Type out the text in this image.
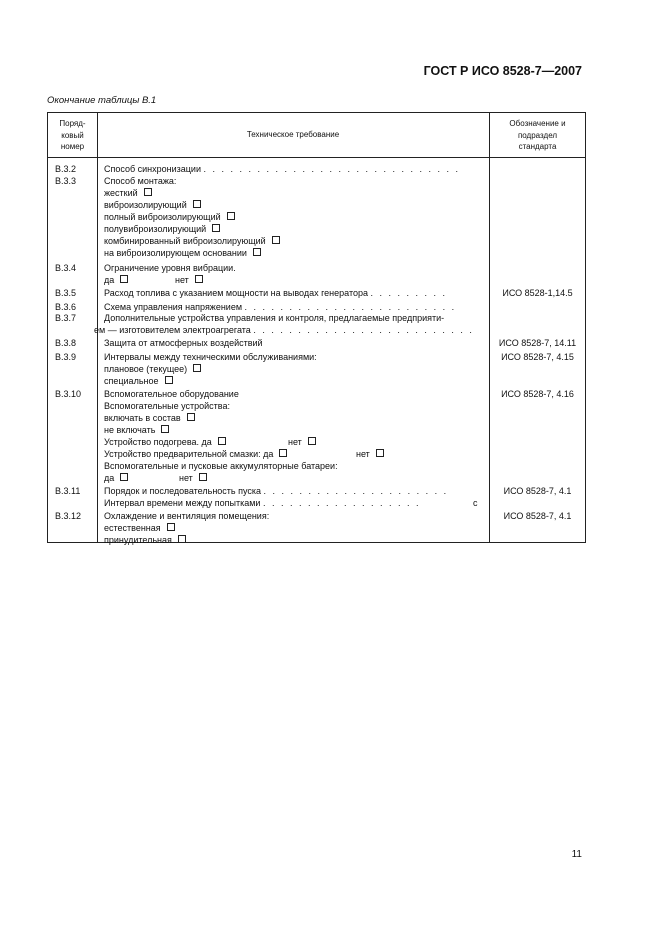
ГОСТ Р ИСО 8528-7—2007
Окончание таблицы В.1
Поряд-
ковый
номер
Техническое требование
Обозначение и
подраздел
стандарта
В.3.2	Способ синхронизации . . . . . . . . . . . . . . . . . . . . . . . . . . . . .
В.3.3	Способ монтажа:
жесткий
виброизолирующий
полный виброизолирующий
полувиброизолирующий
комбинированный виброизолирующий
на виброизолирующем основании
В.3.4	Ограничение уровня вибрации.
да	нет
В.3.5	Расход топлива с указанием мощности на выводах генератора . . . . . . . . .	ИСО 8528-1,14.5
В.3.6	Схема управления напряжением . . . . . . . . . . . . . . . . . . . . . . . .
В.3.7	Дополнительные устройства управления и контроля, предлагаемые предприяти-
ем — изготовителем электроагрегата . . . . . . . . . . . . . . . . . . . . . . . . .
В.3.8	Защита от атмосферных воздействий	ИСО 8528-7, 14.11
В.3.9	Интервалы между техническими обслуживаниями:	ИСО 8528-7, 4.15
плановое (текущее)
специальное
В.3.10	Вспомогательное оборудование	ИСО 8528-7, 4.16
Вспомогательные устройства:
включать в состав
не включать
Устройство подогрева. да	нет
Устройство предварительной смазки: да	нет
Вспомогательные и пусковые аккумуляторные батареи:
да	нет
В.3.11	Порядок и последовательность пуска . . . . . . . . . . . . . . . . . . . . .	ИСО 8528-7, 4.1
Интервал времени между попытками . . . . . . . . . . . . . . . . . .	с
В.3.12	Охлаждение и вентиляция помещения:	ИСО 8528-7, 4.1
естественная
принудительная
11
